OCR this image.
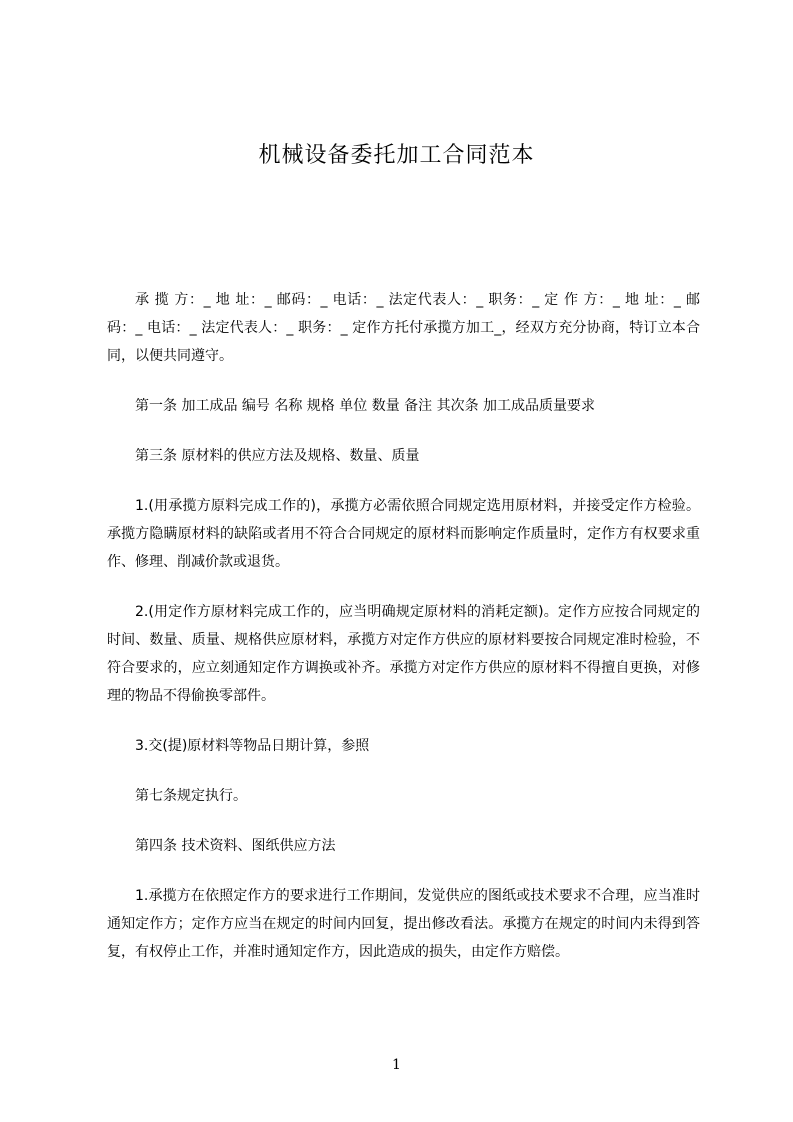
机械设备委托加工合同范本

承 揽 方：_ 地 址：_ 邮码：_ 电话：_ 法定代表人：_ 职务：_ 定 作 方：_ 地 址：_ 邮码：_ 电话：_ 法定代表人：_ 职务：_ 定作方托付承揽方加工_，经双方充分协商，特订立本合同，以便共同遵守。

第一条 加工成品 编号 名称 规格 单位 数量 备注 其次条 加工成品质量要求

第三条 原材料的供应方法及规格、数量、质量

1.(用承揽方原料完成工作的)，承揽方必需依照合同规定选用原材料，并接受定作方检验。承揽方隐瞒原材料的缺陷或者用不符合合同规定的原材料而影响定作质量时，定作方有权要求重作、修理、削减价款或退货。

2.(用定作方原材料完成工作的，应当明确规定原材料的消耗定额)。定作方应按合同规定的时间、数量、质量、规格供应原材料，承揽方对定作方供应的原材料要按合同规定准时检验，不符合要求的，应立刻通知定作方调换或补齐。承揽方对定作方供应的原材料不得擅自更换，对修理的物品不得偷换零部件。

3.交(提)原材料等物品日期计算，参照

第七条规定执行。

第四条 技术资料、图纸供应方法

1.承揽方在依照定作方的要求进行工作期间，发觉供应的图纸或技术要求不合理，应当准时通知定作方；定作方应当在规定的时间内回复，提出修改看法。承揽方在规定的时间内未得到答复，有权停止工作，并准时通知定作方，因此造成的损失，由定作方赔偿。

1
